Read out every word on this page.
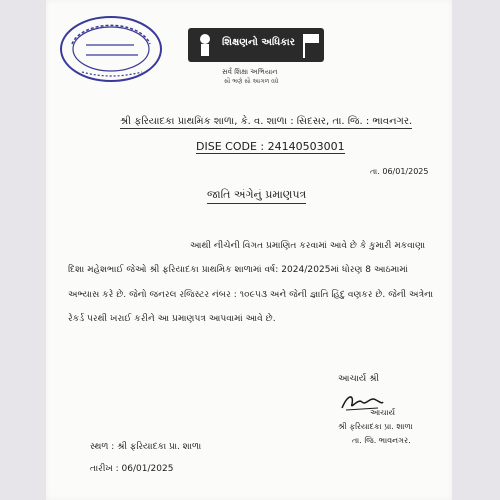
શિક્ષણનો અધિકાર
સર્વ શિક્ષા અભિયાન
સૌ ભણે સૌ આગળ વધે
શ્રી ફરિયાદકા પ્રાથમિક શાળા, કે. વ. શાળા : સિદસર, તા. જિ. : ભાવનગર.
DISE CODE : 24140503001
તા. 06/01/2025
જાતિ અંગેનું પ્રમાણપત્ર
આથી નીચેની વિગત પ્રમાણિત કરવામાં આવે છે કે કુમારી મકવાણા
દિશા મહેશભાઈ જેઓ શ્રી ફરિયાદકા પ્રાથમિક શાળામાં વર્ષ: 2024/2025માં ધોરણ 8 આઠમામાં
અભ્યાસ કરે છે. જેનો જનરલ રજિસ્ટર નંબર : ૧૦૯૫૩ અને જેની જ્ઞાતિ હિંદુ વણકર છે. જેની અત્રેના
રેકર્ડ પરથી ખરાઈ કરીને આ પ્રમાણપત્ર આપવામાં આવે છે.
આચાર્ય શ્રી
આચાર્ય
શ્રી ફરિયાદકા પ્રા. શાળા
તા. જિ. ભાવનગર.
સ્થળ : શ્રી ફરિયાદકા પ્રા. શાળા
તારીખ : 06/01/2025
